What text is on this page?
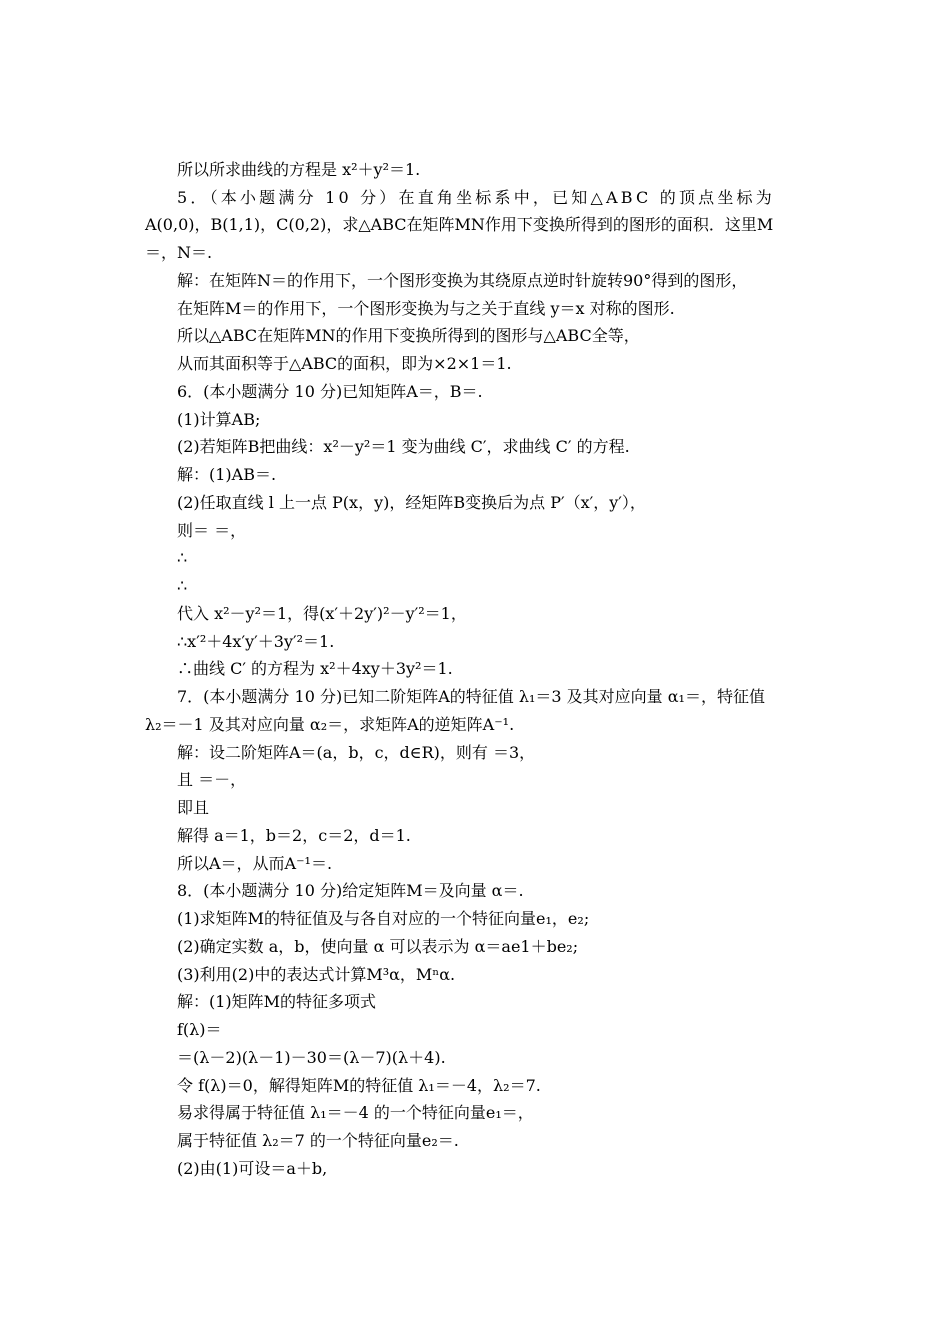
所以所求曲线的方程是 x²＋y²＝1.
5．（本小题满分 10 分）在直角坐标系中，已知△ABC 的顶点坐标为
A(0,0)，B(1,1)，C(0,2)，求△ABC在矩阵MN作用下变换所得到的图形的面积．这里M
＝，N＝.
解：在矩阵N＝的作用下，一个图形变换为其绕原点逆时针旋转90°得到的图形，
在矩阵M＝的作用下，一个图形变换为与之关于直线 y＝x 对称的图形.
所以△ABC在矩阵MN的作用下变换所得到的图形与△ABC全等，
从而其面积等于△ABC的面积，即为×2×1＝1.
6．(本小题满分 10 分)已知矩阵A＝，B＝.
(1)计算AB;
(2)若矩阵B把曲线：x²－y²＝1 变为曲线 C′，求曲线 C′ 的方程.
解：(1)AB＝.
(2)任取直线 l 上一点 P(x，y)，经矩阵B变换后为点 P′（x′，y′），
则＝ ＝，
∴
∴
代入 x²－y²＝1，得(x′＋2y′)²－y′²＝1，
∴x′²＋4x′y′＋3y′²＝1.
∴曲线 C′ 的方程为 x²＋4xy＋3y²＝1.
7．(本小题满分 10 分)已知二阶矩阵A的特征值 λ₁＝3 及其对应向量 α₁＝，特征值
λ₂＝－1 及其对应向量 α₂＝，求矩阵A的逆矩阵A⁻¹.
解：设二阶矩阵A＝(a，b，c，d∈R)，则有 ＝3，
且 ＝－，
即且
解得 a＝1，b＝2，c＝2，d＝1.
所以A＝，从而A⁻¹＝.
8．(本小题满分 10 分)给定矩阵M＝及向量 α＝.
(1)求矩阵M的特征值及与各自对应的一个特征向量e₁，e₂;
(2)确定实数 a，b，使向量 α 可以表示为 α＝ae1＋be₂;
(3)利用(2)中的表达式计算M³α，Mⁿα.
解：(1)矩阵M的特征多项式
f(λ)＝
＝(λ－2)(λ－1)－30＝(λ－7)(λ＋4).
令 f(λ)＝0，解得矩阵M的特征值 λ₁＝－4，λ₂＝7.
易求得属于特征值 λ₁＝－4 的一个特征向量e₁＝，
属于特征值 λ₂＝7 的一个特征向量e₂＝.
(2)由(1)可设＝a＋b,
